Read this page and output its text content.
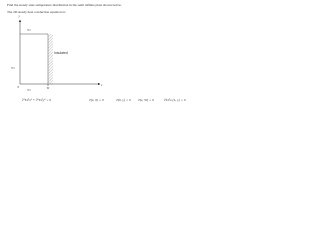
Find the steady state temperature distribution in the semi infinite plate shown below.
The 2D steady heat conduction equation is:
y
T1
Insulated
T1
T1
0	W
x
∂²T/∂x² + ∂²T/∂y² = 0	T(x, 0) = 0	T(0, y) = 0 T(x, W) = 0	∂T/∂x (L, y) = 0
